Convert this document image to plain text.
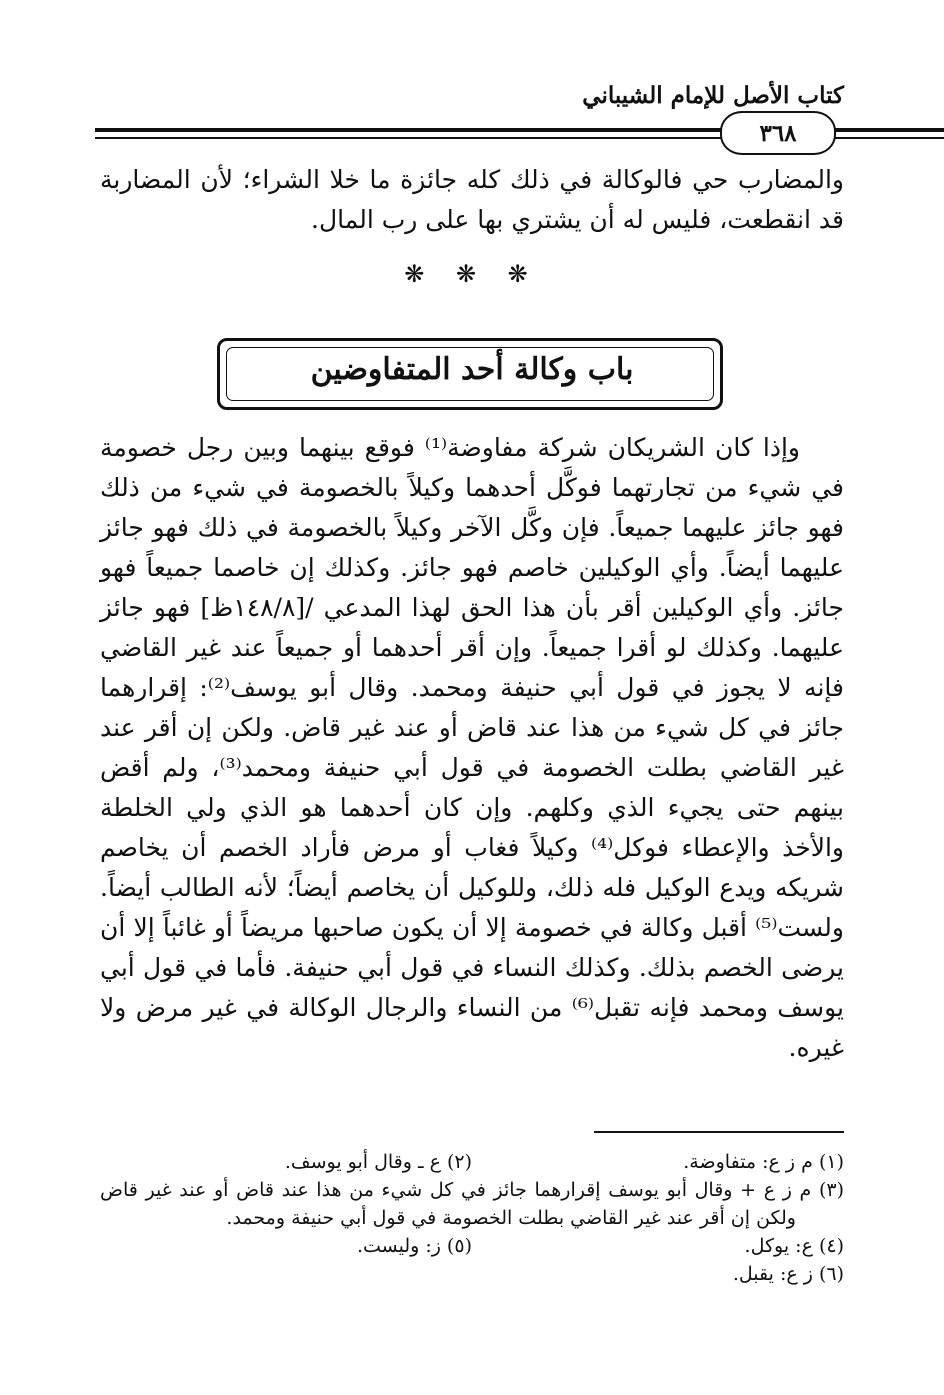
كتاب الأصل للإمام الشيباني
٣٦٨

والمضارب حي فالوكالة في ذلك كله جائزة ما خلا الشراء؛ لأن المضاربة قد انقطعت، فليس له أن يشتري بها على رب المال.

❋ ❋ ❋
باب وكالة أحد المتفاوضين

وإذا كان الشريكان شركة مفاوضة⁽¹⁾ فوقع بينهما وبين رجل خصومة في شيء من تجارتهما فوكَّل أحدهما وكيلاً بالخصومة في شيء من ذلك فهو جائز عليهما جميعاً. فإن وكَّل الآخر وكيلاً بالخصومة في ذلك فهو جائز عليهما أيضاً. وأي الوكيلين خاصم فهو جائز. وكذلك إن خاصما جميعاً فهو جائز. وأي الوكيلين أقر بأن هذا الحق لهذا المدعي /[١٤٨/٨ظ] فهو جائز عليهما. وكذلك لو أقرا جميعاً. وإن أقر أحدهما أو جميعاً عند غير القاضي فإنه لا يجوز في قول أبي حنيفة ومحمد. وقال أبو يوسف⁽²⁾: إقرارهما جائز في كل شيء من هذا عند قاض أو عند غير قاض. ولكن إن أقر عند غير القاضي بطلت الخصومة في قول أبي حنيفة ومحمد⁽³⁾، ولم أقض بينهم حتى يجيء الذي وكلهم. وإن كان أحدهما هو الذي ولي الخلطة والأخذ والإعطاء فوكل⁽⁴⁾ وكيلاً فغاب أو مرض فأراد الخصم أن يخاصم شريكه ويدع الوكيل فله ذلك، وللوكيل أن يخاصم أيضاً؛ لأنه الطالب أيضاً. ولست⁽⁵⁾ أقبل وكالة في خصومة إلا أن يكون صاحبها مريضاً أو غائباً إلا أن يرضى الخصم بذلك. وكذلك النساء في قول أبي حنيفة. فأما في قول أبي يوسف ومحمد فإنه تقبل⁽⁶⁾ من النساء والرجال الوكالة في غير مرض ولا غيره.

(١) م ز ع: متفاوضة.
(٢) ع ـ وقال أبو يوسف.
(٣) م ز ع + وقال أبو يوسف إقرارهما جائز في كل شيء من هذا عند قاض أو عند غير قاض ولكن إن أقر عند غير القاضي بطلت الخصومة في قول أبي حنيفة ومحمد.
(٤) ع: يوكل.
(٥) ز: وليست.
(٦) ز ع: يقبل.
